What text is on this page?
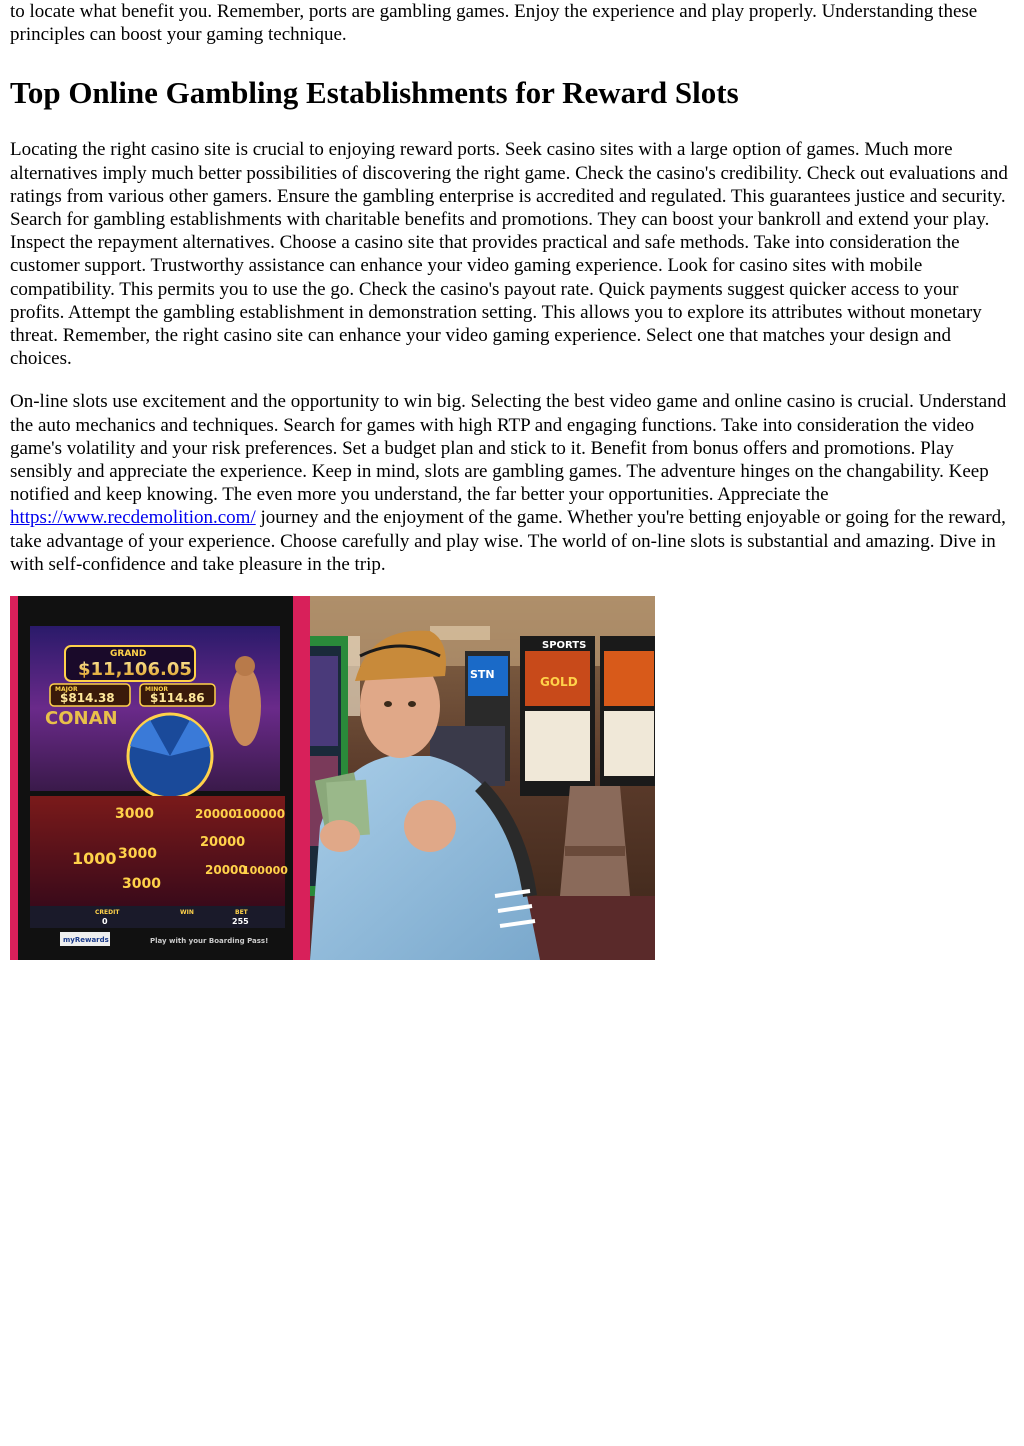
to locate what benefit you. Remember, ports are gambling games. Enjoy the experience and play properly. Understanding these principles can boost your gaming technique.

Top Online Gambling Establishments for Reward Slots

Locating the right casino site is crucial to enjoying reward ports. Seek casino sites with a large option of games. Much more alternatives imply much better possibilities of discovering the right game. Check the casino's credibility. Check out evaluations and ratings from various other gamers. Ensure the gambling enterprise is accredited and regulated. This guarantees justice and security. Search for gambling establishments with charitable benefits and promotions. They can boost your bankroll and extend your play. Inspect the repayment alternatives. Choose a casino site that provides practical and safe methods. Take into consideration the customer support. Trustworthy assistance can enhance your video gaming experience. Look for casino sites with mobile compatibility. This permits you to use the go. Check the casino's payout rate. Quick payments suggest quicker access to your profits. Attempt the gambling establishment in demonstration setting. This allows you to explore its attributes without monetary threat. Remember, the right casino site can enhance your video gaming experience. Select one that matches your design and choices.

On-line slots use excitement and the opportunity to win big. Selecting the best video game and online casino is crucial. Understand the auto mechanics and techniques. Search for games with high RTP and engaging functions. Take into consideration the video game's volatility and your risk preferences. Set a budget plan and stick to it. Benefit from bonus offers and promotions. Play sensibly and appreciate the experience. Keep in mind, slots are gambling games. The adventure hinges on the changability. Keep notified and keep knowing. The even more you understand, the far better your opportunities. Appreciate the https://www.recdemolition.com/ journey and the enjoyment of the game. Whether you're betting enjoyable or going for the reward, take advantage of your experience. Choose carefully and play wise. The world of on-line slots is substantial and amazing. Dive in with self-confidence and take pleasure in the trip.

SPORTS
GOLD
STN
GRAND
$11,106.05
MAJOR
$814.38
MINOR
$114.86
CONAN
3000	20000
100000
1000 3000
20000
3000
20000
100000
CREDIT
0
WIN	BET
255
myRewards	Play with your Boarding Pass!
